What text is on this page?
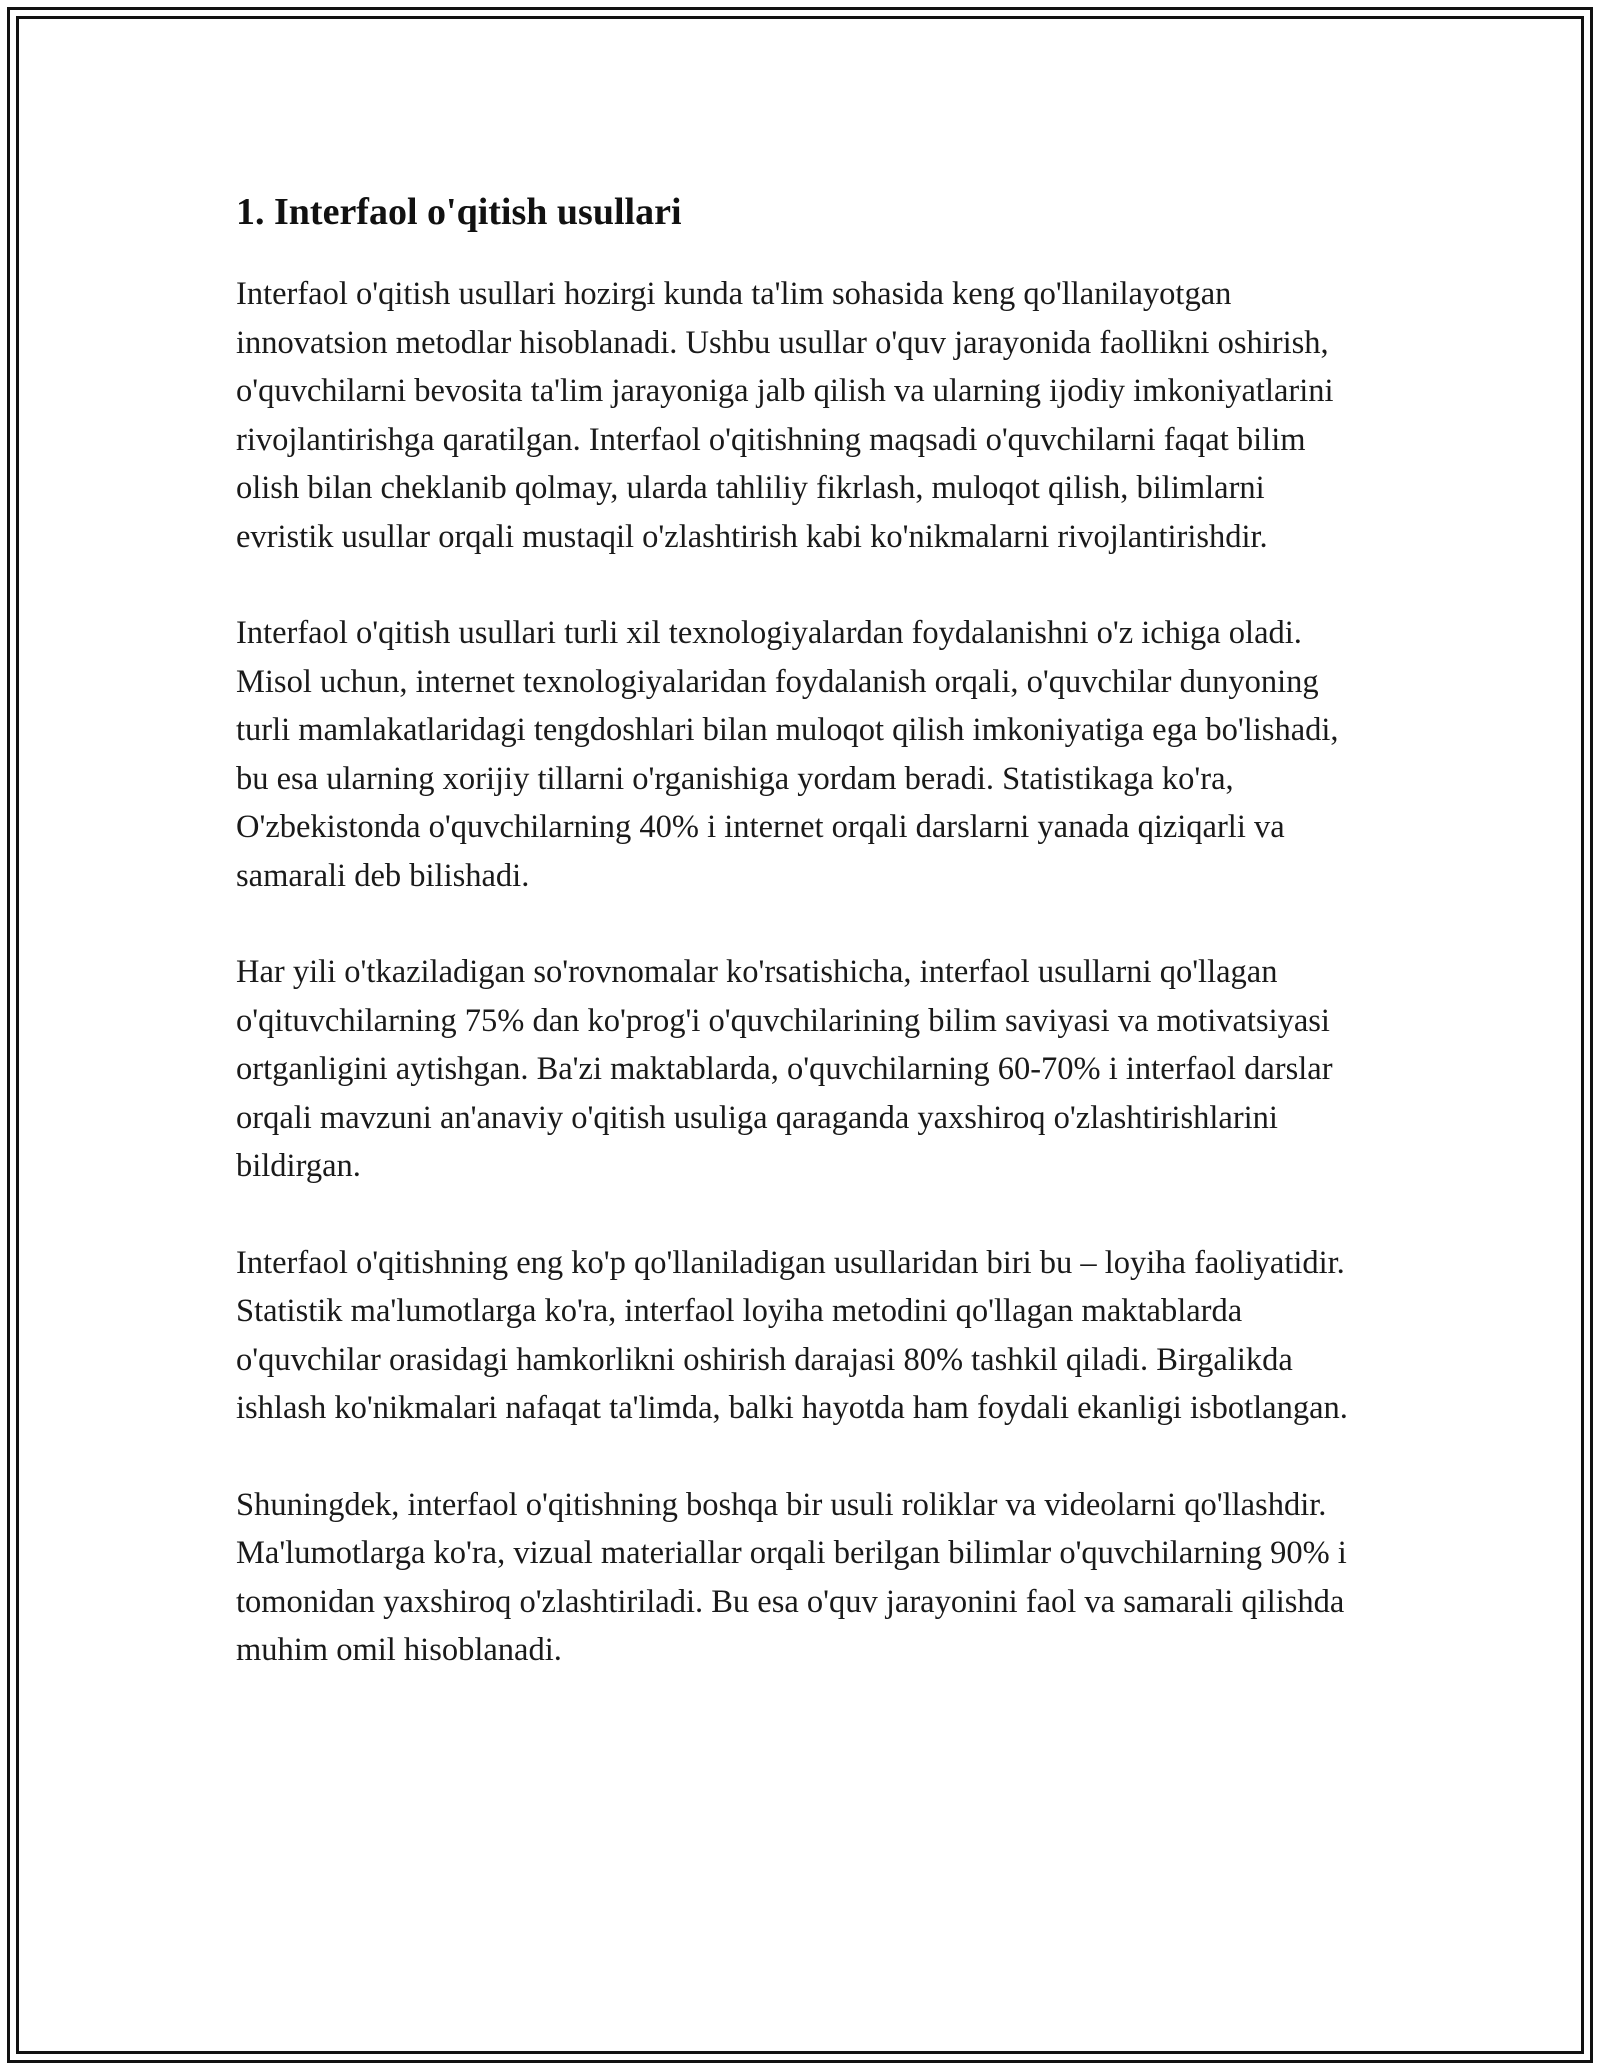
1. Interfaol o'qitish usullari

Interfaol o'qitish usullari hozirgi kunda ta'lim sohasida keng qo'llanilayotgan innovatsion metodlar hisoblanadi. Ushbu usullar o'quv jarayonida faollikni oshirish, o'quvchilarni bevosita ta'lim jarayoniga jalb qilish va ularning ijodiy imkoniyatlarini rivojlantirishga qaratilgan. Interfaol o'qitishning maqsadi o'quvchilarni faqat bilim olish bilan cheklanib qolmay, ularda tahliliy fikrlash, muloqot qilish, bilimlarni evristik usullar orqali mustaqil o'zlashtirish kabi ko'nikmalarni rivojlantirishdir.

Interfaol o'qitish usullari turli xil texnologiyalardan foydalanishni o'z ichiga oladi. Misol uchun, internet texnologiyalaridan foydalanish orqali, o'quvchilar dunyoning turli mamlakatlaridagi tengdoshlari bilan muloqot qilish imkoniyatiga ega bo'lishadi, bu esa ularning xorijiy tillarni o'rganishiga yordam beradi. Statistikaga ko'ra, O'zbekistonda o'quvchilarning 40% i internet orqali darslarni yanada qiziqarli va samarali deb bilishadi.

Har yili o'tkaziladigan so'rovnomalar ko'rsatishicha, interfaol usullarni qo'llagan o'qituvchilarning 75% dan ko'prog'i o'quvchilarining bilim saviyasi va motivatsiyasi ortganligini aytishgan. Ba'zi maktablarda, o'quvchilarning 60-70% i interfaol darslar orqali mavzuni an'anaviy o'qitish usuliga qaraganda yaxshiroq o'zlashtirishlarini bildirgan.

Interfaol o'qitishning eng ko'p qo'llaniladigan usullaridan biri bu – loyiha faoliyatidir. Statistik ma'lumotlarga ko'ra, interfaol loyiha metodini qo'llagan maktablarda o'quvchilar orasidagi hamkorlikni oshirish darajasi 80% tashkil qiladi. Birgalikda ishlash ko'nikmalari nafaqat ta'limda, balki hayotda ham foydali ekanligi isbotlangan.

Shuningdek, interfaol o'qitishning boshqa bir usuli roliklar va videolarni qo'llashdir. Ma'lumotlarga ko'ra, vizual materiallar orqali berilgan bilimlar o'quvchilarning 90% i tomonidan yaxshiroq o'zlashtiriladi. Bu esa o'quv jarayonini faol va samarali qilishda muhim omil hisoblanadi.
